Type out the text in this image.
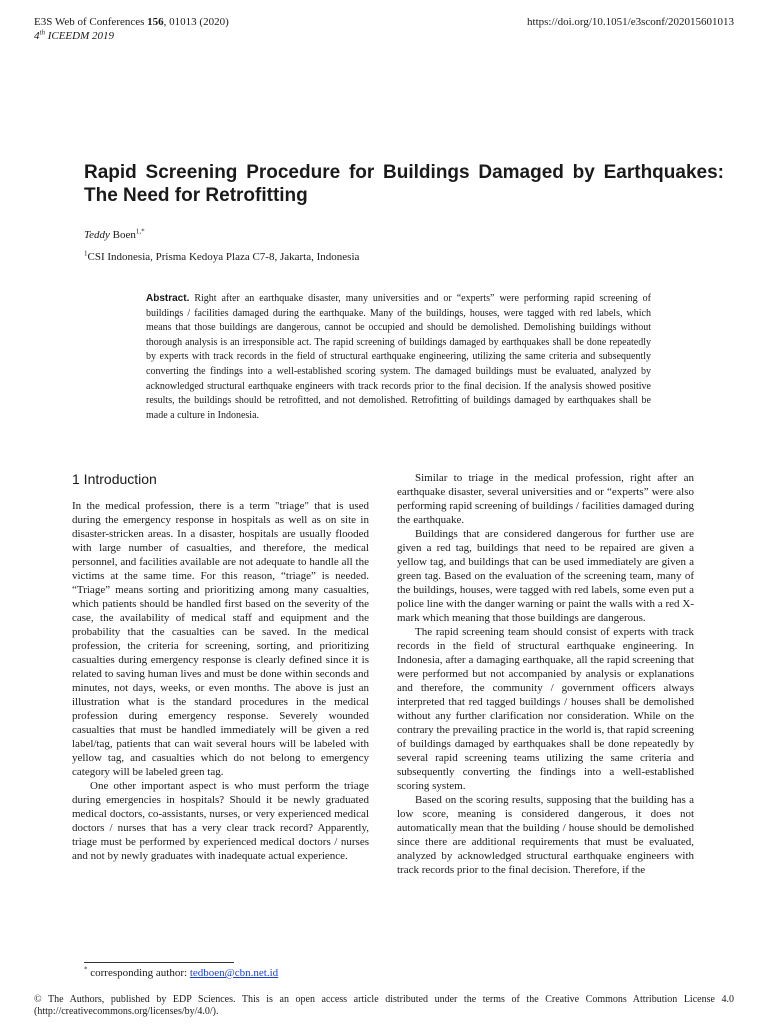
E3S Web of Conferences 156, 01013 (2020)
4th ICEEDM 2019
https://doi.org/10.1051/e3sconf/202015601013
Rapid Screening Procedure for Buildings Damaged by Earthquakes: The Need for Retrofitting
Teddy Boen$^{1,*}$
$^1$CSI Indonesia, Prisma Kedoya Plaza C7-8, Jakarta, Indonesia
Abstract. Right after an earthquake disaster, many universities and or “experts” were performing rapid screening of buildings / facilities damaged during the earthquake. Many of the buildings, houses, were tagged with red labels, which means that those buildings are dangerous, cannot be occupied and should be demolished. Demolishing buildings without thorough analysis is an irresponsible act. The rapid screening of buildings damaged by earthquakes shall be done repeatedly by experts with track records in the field of structural earthquake engineering, utilizing the same criteria and subsequently converting the findings into a well-established scoring system. The damaged buildings must be evaluated, analyzed by acknowledged structural earthquake engineers with track records prior to the final decision. If the analysis showed positive results, the buildings should be retrofitted, and not demolished. Retrofitting of buildings damaged by earthquakes shall be made a culture in Indonesia.
1 Introduction

In the medical profession, there is a term "triage" that is used during the emergency response in hospitals as well as on site in disaster-stricken areas. In a disaster, hospitals are usually flooded with large number of casualties, and therefore, the medical personnel, and facilities available are not adequate to handle all the victims at the same time. For this reason, “triage” is needed. “Triage” means sorting and prioritizing among many casualties, which patients should be handled first based on the severity of the case, the availability of medical staff and equipment and the probability that the casualties can be saved. In the medical profession, the criteria for screening, sorting, and prioritizing casualties during emergency response is clearly defined since it is related to saving human lives and must be done within seconds and minutes, not days, weeks, or even months. The above is just an illustration what is the standard procedures in the medical profession during emergency response. Severely wounded casualties that must be handled immediately will be given a red label/tag, patients that can wait several hours will be labeled with yellow tag, and casualties which do not belong to emergency category will be labeled green tag.

One other important aspect is who must perform the triage during emergencies in hospitals? Should it be newly graduated medical doctors, co-assistants, nurses, or very experienced medical doctors / nurses that has a very clear track record? Apparently, triage must be performed by experienced medical doctors / nurses and not by newly graduates with inadequate actual experience.

Similar to triage in the medical profession, right after an earthquake disaster, several universities and or “experts” were also performing rapid screening of buildings / facilities damaged during the earthquake.

Buildings that are considered dangerous for further use are given a red tag, buildings that need to be repaired are given a yellow tag, and buildings that can be used immediately are given a green tag. Based on the evaluation of the screening team, many of the buildings, houses, were tagged with red labels, some even put a police line with the danger warning or paint the walls with a red X-mark which meaning that those buildings are dangerous.

The rapid screening team should consist of experts with track records in the field of structural earthquake engineering. In Indonesia, after a damaging earthquake, all the rapid screening that were performed but not accompanied by analysis or explanations and therefore, the community / government officers always interpreted that red tagged buildings / houses shall be demolished without any further clarification nor consideration. While on the contrary the prevailing practice in the world is, that rapid screening of buildings damaged by earthquakes shall be done repeatedly by several rapid screening teams utilizing the same criteria and subsequently converting the findings into a well-established scoring system.

Based on the scoring results, supposing that the building has a low score, meaning is considered dangerous, it does not automatically mean that the building / house should be demolished since there are additional requirements that must be evaluated, analyzed by acknowledged structural earthquake engineers with track records prior to the final decision. Therefore, if the

* corresponding author: tedboen@cbn.net.id
© The Authors, published by EDP Sciences. This is an open access article distributed under the terms of the Creative Commons Attribution License 4.0 (http://creativecommons.org/licenses/by/4.0/).
